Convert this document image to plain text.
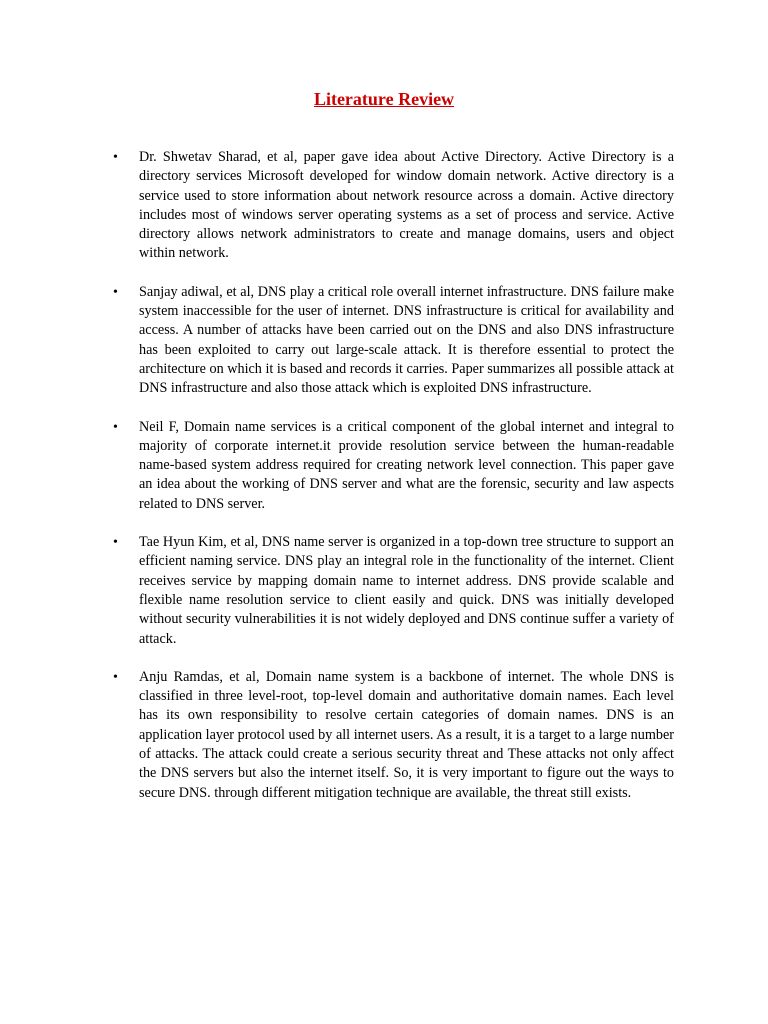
Literature Review
• Dr. Shwetav Sharad, et al, paper gave idea about Active Directory. Active Directory is a directory services Microsoft developed for window domain network. Active directory is a service used to store information about network resource across a domain. Active directory includes most of windows server operating systems as a set of process and service. Active directory allows network administrators to create and manage domains, users and object within network.

• Sanjay adiwal, et al, DNS play a critical role overall internet infrastructure. DNS failure make system inaccessible for the user of internet. DNS infrastructure is critical for availability and access. A number of attacks have been carried out on the DNS and also DNS infrastructure has been exploited to carry out large-scale attack. It is therefore essential to protect the architecture on which it is based and records it carries. Paper summarizes all possible attack at DNS infrastructure and also those attack which is exploited DNS infrastructure.

• Neil F, Domain name services is a critical component of the global internet and integral to majority of corporate internet.it provide resolution service between the human-readable name-based system address required for creating network level connection. This paper gave an idea about the working of DNS server and what are the forensic, security and law aspects related to DNS server.

• Tae Hyun Kim, et al, DNS name server is organized in a top-down tree structure to support an efficient naming service. DNS play an integral role in the functionality of the internet. Client receives service by mapping domain name to internet address. DNS provide scalable and flexible name resolution service to client easily and quick. DNS was initially developed without security vulnerabilities it is not widely deployed and DNS continue suffer a variety of attack.

• Anju Ramdas, et al, Domain name system is a backbone of internet. The whole DNS is classified in three level-root, top-level domain and authoritative domain names. Each level has its own responsibility to resolve certain categories of domain names. DNS is an application layer protocol used by all internet users. As a result, it is a target to a large number of attacks. The attack could create a serious security threat and These attacks not only affect the DNS servers but also the internet itself. So, it is very important to figure out the ways to secure DNS. through different mitigation technique are available, the threat still exists.
